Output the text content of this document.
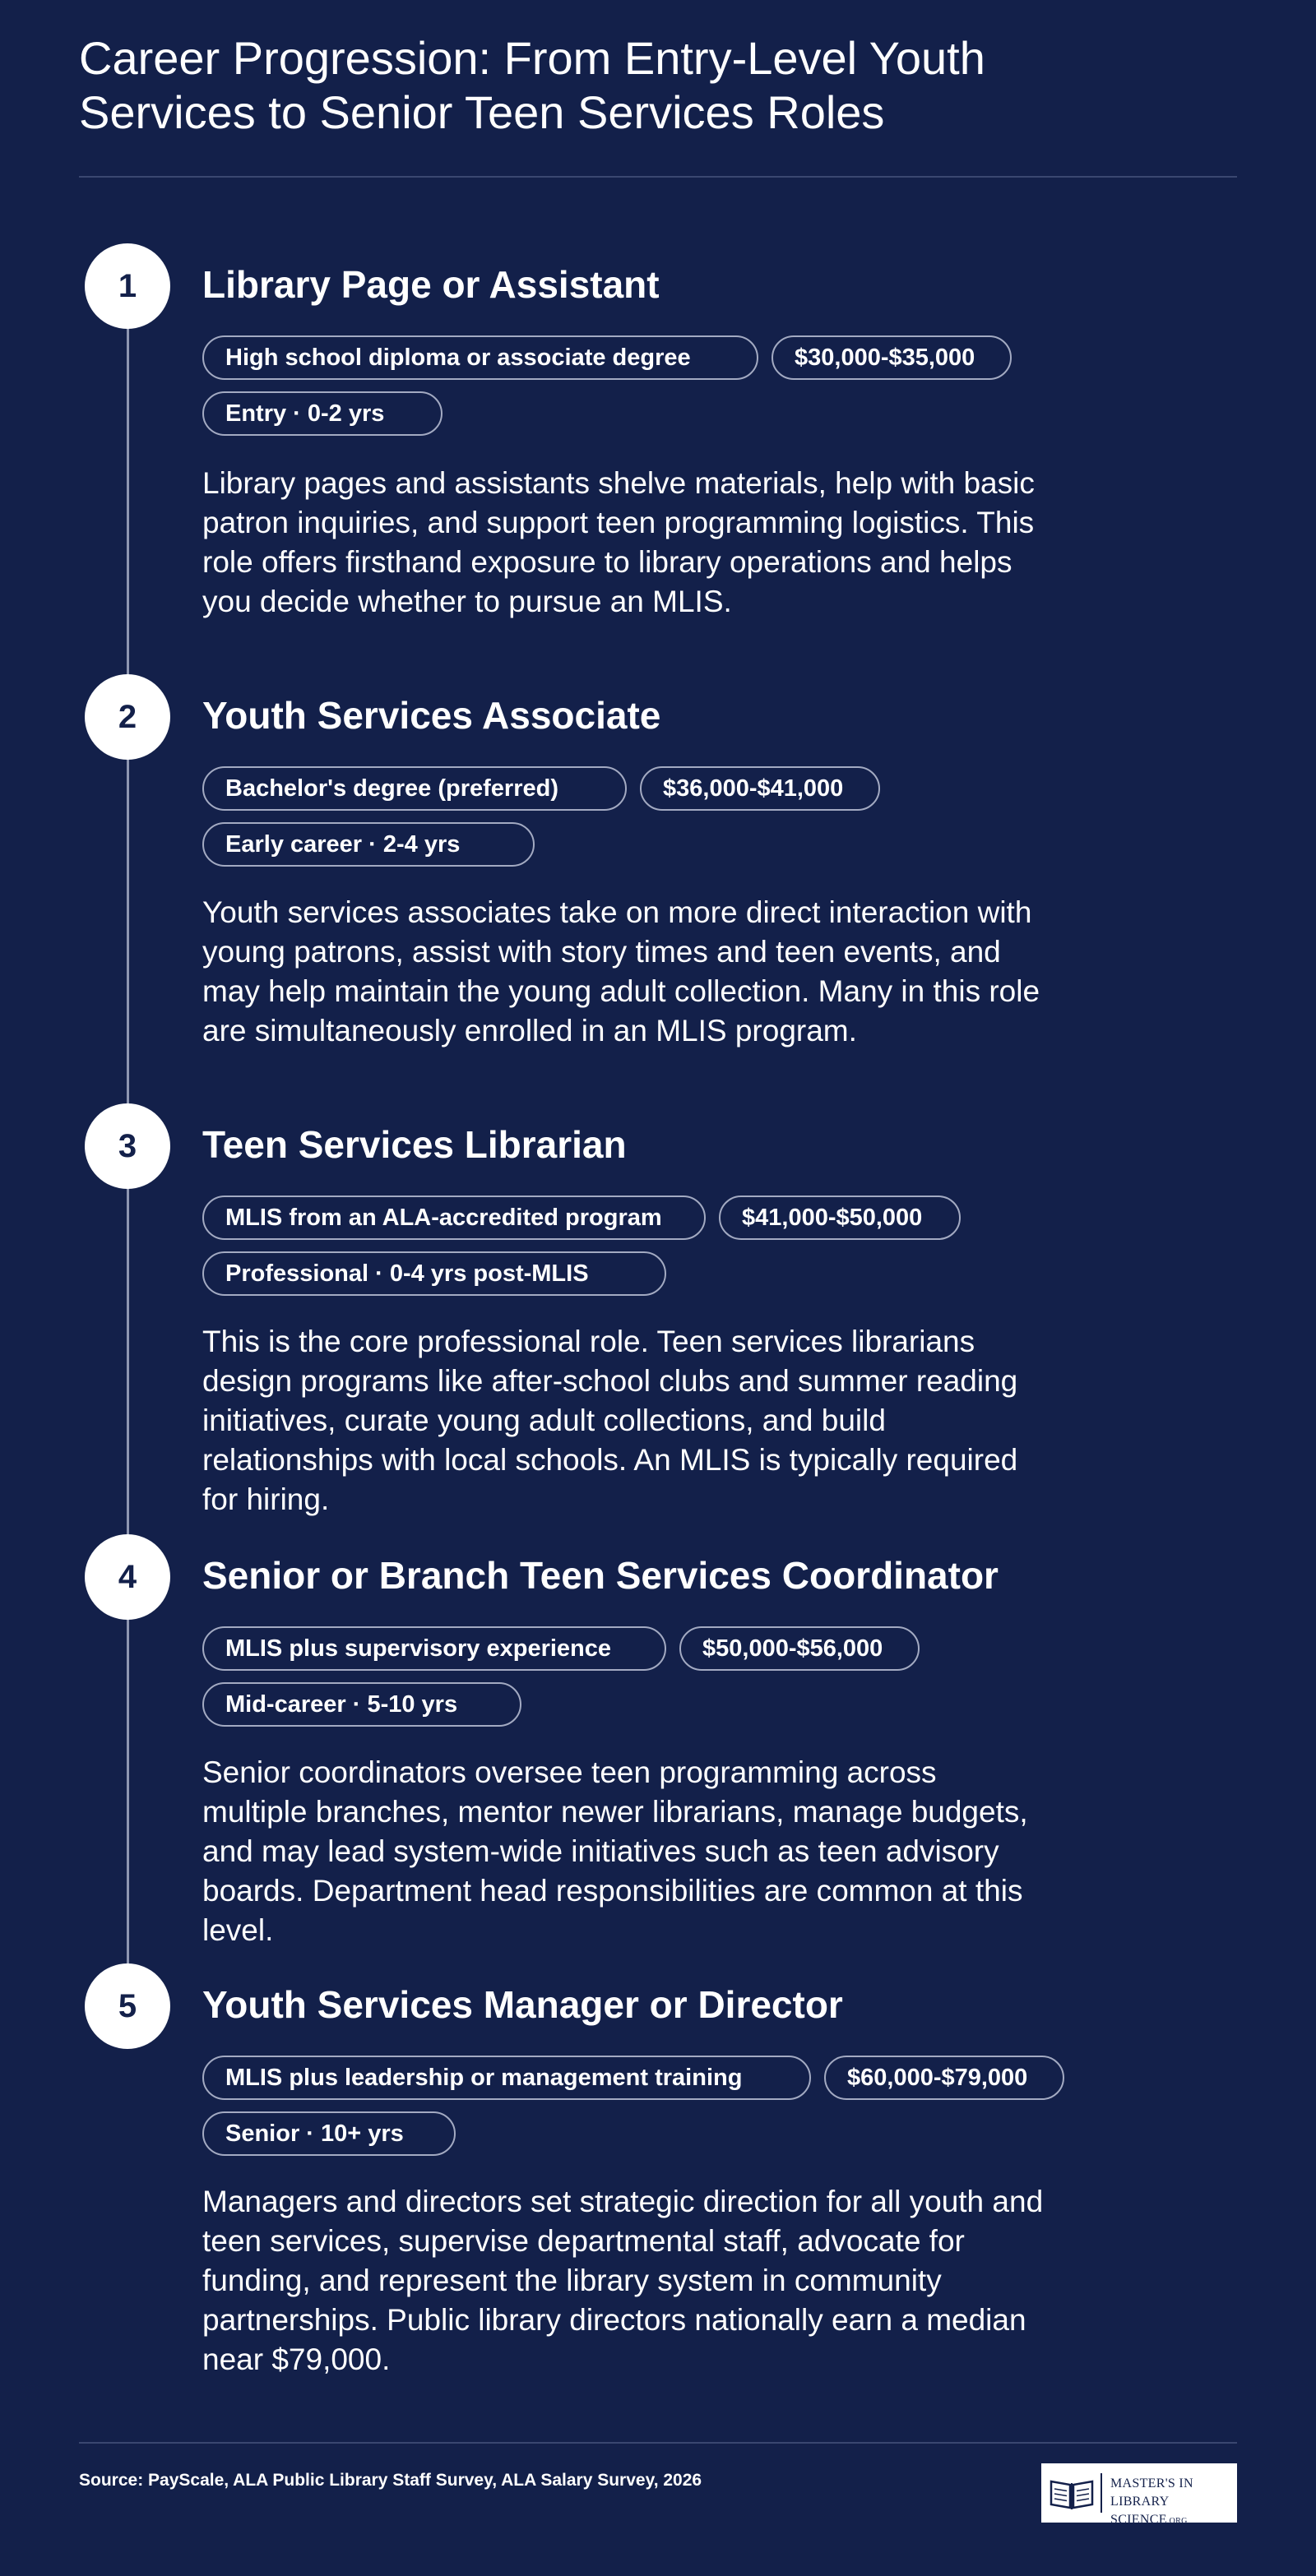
Career Progression: From Entry-Level Youth Services to Senior Teen Services Roles
1	Library Page or Assistant
High school diploma or associate degree	$30,000-$35,000
Entry · 0-2 yrs

Library pages and assistants shelve materials, help with basic patron inquiries, and support teen programming logistics. This role offers firsthand exposure to library operations and helps you decide whether to pursue an MLIS.

2	Youth Services Associate
Bachelor's degree (preferred)	$36,000-$41,000
Early career · 2-4 yrs

Youth services associates take on more direct interaction with young patrons, assist with story times and teen events, and may help maintain the young adult collection. Many in this role are simultaneously enrolled in an MLIS program.

3	Teen Services Librarian
MLIS from an ALA-accredited program	$41,000-$50,000
Professional · 0-4 yrs post-MLIS

This is the core professional role. Teen services librarians design programs like after-school clubs and summer reading initiatives, curate young adult collections, and build relationships with local schools. An MLIS is typically required for hiring.

4	Senior or Branch Teen Services Coordinator
MLIS plus supervisory experience	$50,000-$56,000
Mid-career · 5-10 yrs

Senior coordinators oversee teen programming across multiple branches, mentor newer librarians, manage budgets, and may lead system-wide initiatives such as teen advisory boards. Department head responsibilities are common at this level.

5	Youth Services Manager or Director
MLIS plus leadership or management training	$60,000-$79,000
Senior · 10+ yrs

Managers and directors set strategic direction for all youth and teen services, supervise departmental staff, advocate for funding, and represent the library system in community partnerships. Public library directors nationally earn a median near $79,000.

Source: PayScale, ALA Public Library Staff Survey, ALA Salary Survey, 2026	MASTER'S IN
LIBRARY SCIENCE.ORG
